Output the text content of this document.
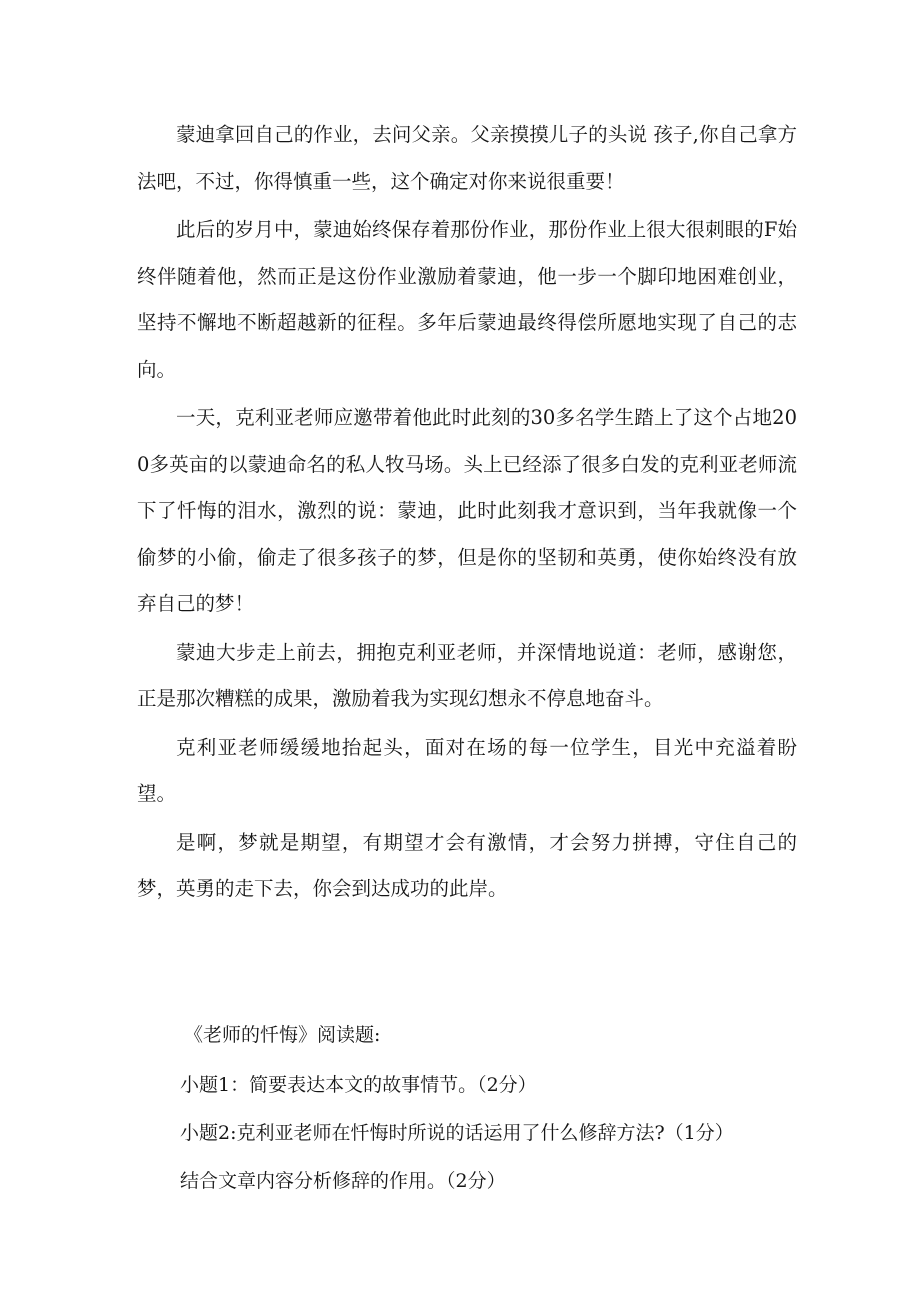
蒙迪拿回自己的作业，去问父亲。父亲摸摸儿子的头说 孩子,你自己拿方法吧，不过，你得慎重一些，这个确定对你来说很重要！

此后的岁月中，蒙迪始终保存着那份作业，那份作业上很大很刺眼的F始终伴随着他，然而正是这份作业激励着蒙迪，他一步一个脚印地困难创业，坚持不懈地不断超越新的征程。多年后蒙迪最终得偿所愿地实现了自己的志向。

一天，克利亚老师应邀带着他此时此刻的30多名学生踏上了这个占地200多英亩的以蒙迪命名的私人牧马场。头上已经添了很多白发的克利亚老师流下了忏悔的泪水，激烈的说：蒙迪，此时此刻我才意识到，当年我就像一个偷梦的小偷，偷走了很多孩子的梦，但是你的坚韧和英勇，使你始终没有放弃自己的梦！

蒙迪大步走上前去，拥抱克利亚老师，并深情地说道：老师，感谢您，正是那次糟糕的成果，激励着我为实现幻想永不停息地奋斗。

克利亚老师缓缓地抬起头，面对在场的每一位学生，目光中充溢着盼望。

是啊，梦就是期望，有期望才会有激情，才会努力拼搏，守住自己的梦，英勇的走下去，你会到达成功的此岸。

《老师的忏悔》阅读题:
小题1：简要表达本文的故事情节。（2分）
小题2:克利亚老师在忏悔时所说的话运用了什么修辞方法?（1分）
结合文章内容分析修辞的作用。（2分）
